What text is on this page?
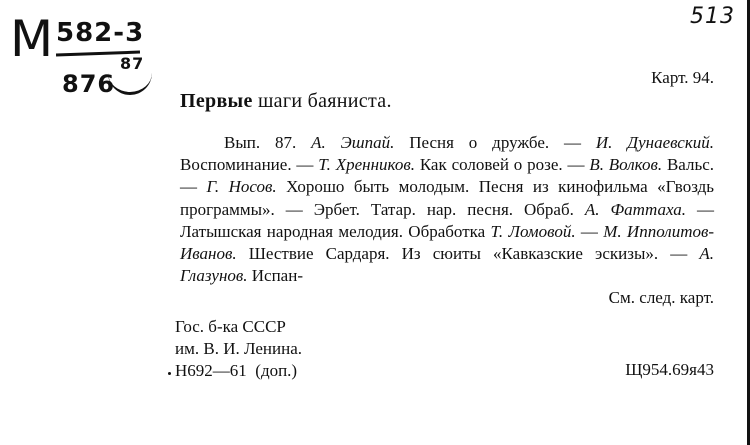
М 582-3
876
87
513
Карт. 94.
Первые шаги баяниста.

Вып. 87. А. Эшпай. Песня о дружбе. — И. Дунаевский. Воспоминание. — Т. Хренников. Как соловей о розе. — В. Волков. Вальс. — Г. Носов. Хорошо быть молодым. Песня из кинофильма «Гвоздь программы». — Эрбет. Татар. нар. песня. Обраб. А. Фаттаха. — Латышская народная мелодия. Обработка Т. Ломовой. — М. Ипполитов-Иванов. Шествие Сардаря. Из сюиты «Кавказские эскизы». — А. Глазунов. Испан-

См. след. карт.

Гос. б-ка СССР
им. В. И. Ленина.
Н692—61  (доп.)	Щ954.69я43
